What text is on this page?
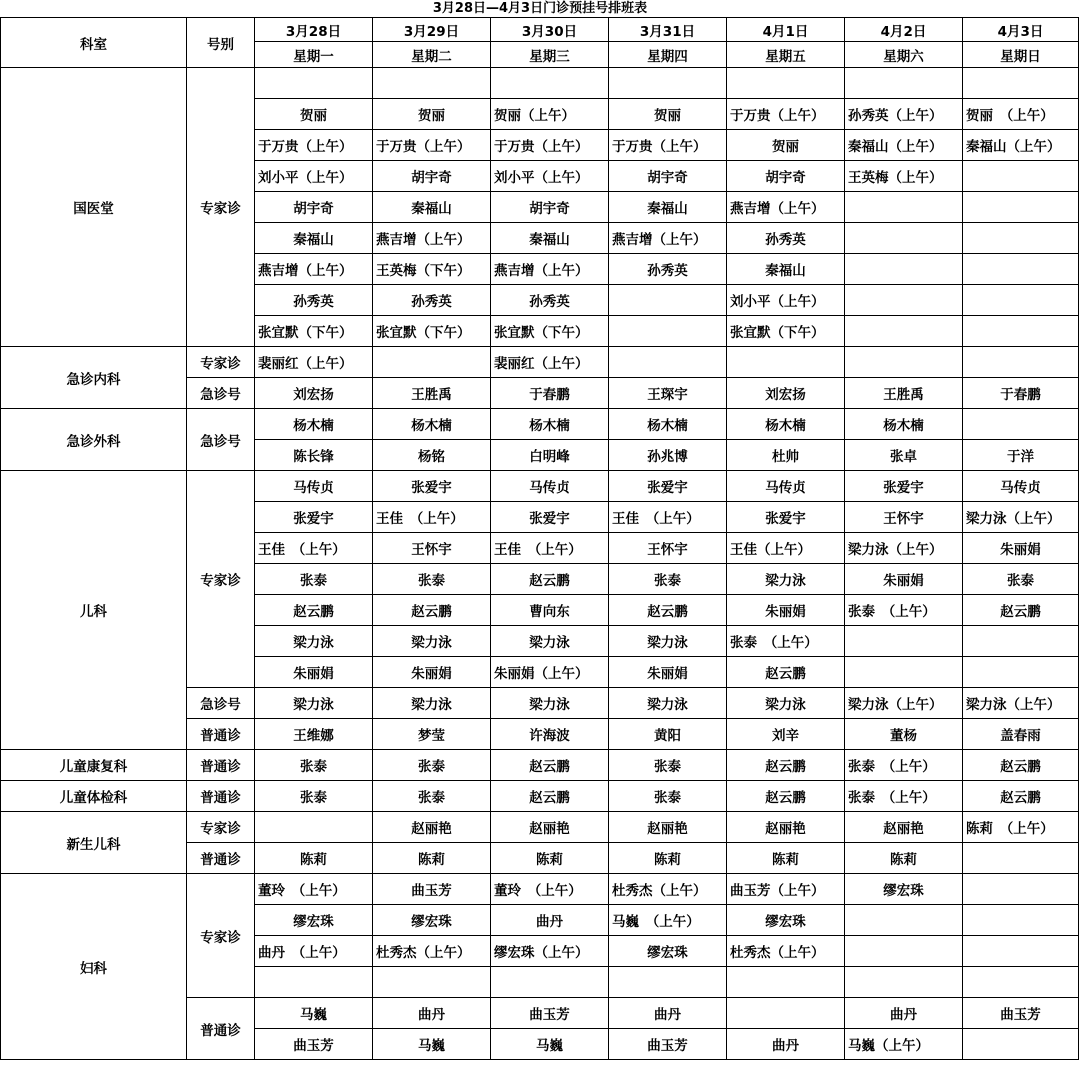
3月28日—4月3日门诊预挂号排班表
科室	号别	3月28日	3月29日	3月30日	3月31日	4月1日	4月2日	4月3日
		星期一	星期二	星期三	星期四	星期五	星期六	星期日
国医堂	专家诊							
		贺丽	贺丽	贺丽（上午）	贺丽	于万贵（上午）	孙秀英（上午）	贺丽　（上午）
		于万贵（上午）	于万贵（上午）	于万贵（上午）	于万贵（上午）	贺丽	秦福山（上午）	秦福山（上午）
		刘小平（上午）	胡宇奇	刘小平（上午）	胡宇奇	胡宇奇	王英梅（上午）	
		胡宇奇	秦福山	胡宇奇	秦福山	燕吉增（上午）		
		秦福山	燕吉增（上午）	秦福山	燕吉增（上午）	孙秀英		
		燕吉增（上午）	王英梅（下午）	燕吉增（上午）	孙秀英	秦福山		
		孙秀英	孙秀英	孙秀英		刘小平（上午）		
		张宜默（下午）	张宜默（下午）	张宜默（下午）		张宜默（下午）		
急诊内科	专家诊	裴丽红（上午）		裴丽红（上午）				
	急诊号	刘宏扬	王胜禹	于春鹏	王琛宇	刘宏扬	王胜禹	于春鹏
急诊外科	急诊号	杨木楠	杨木楠	杨木楠	杨木楠	杨木楠	杨木楠	
		陈长锋	杨铭	白明峰	孙兆博	杜帅	张卓	于洋
儿科	专家诊	马传贞	张爱宇	马传贞	张爱宇	马传贞	张爱宇	马传贞
		张爱宇	王佳　（上午）	张爱宇	王佳　（上午）	张爱宇	王怀宇	梁力泳（上午）
		王佳　（上午）	王怀宇	王佳　（上午）	王怀宇	王佳（上午）	梁力泳（上午）	朱丽娟
		张泰	张泰	赵云鹏	张泰	梁力泳	朱丽娟	张泰
		赵云鹏	赵云鹏	曹向东	赵云鹏	朱丽娟	张泰　（上午）	赵云鹏
		梁力泳	梁力泳	梁力泳	梁力泳	张泰　（上午）		
		朱丽娟	朱丽娟	朱丽娟（上午）	朱丽娟	赵云鹏		
	急诊号	梁力泳	梁力泳	梁力泳	梁力泳	梁力泳	梁力泳（上午）	梁力泳（上午）
	普通诊	王维娜	梦莹	许海波	黄阳	刘辛	董杨	盖春雨
儿童康复科	普通诊	张泰	张泰	赵云鹏	张泰	赵云鹏	张泰　（上午）	赵云鹏
儿童体检科	普通诊	张泰	张泰	赵云鹏	张泰	赵云鹏	张泰　（上午）	赵云鹏
新生儿科	专家诊		赵丽艳	赵丽艳	赵丽艳	赵丽艳	赵丽艳	陈莉　（上午）
	普通诊	陈莉	陈莉	陈莉	陈莉	陈莉	陈莉	
妇科	专家诊	董玲　（上午）	曲玉芳	董玲　（上午）	杜秀杰（上午）	曲玉芳（上午）	缪宏珠	
		缪宏珠	缪宏珠	曲丹	马巍　（上午）	缪宏珠		
		曲丹　（上午）	杜秀杰（上午）	缪宏珠（上午）	缪宏珠	杜秀杰（上午）		

	普通诊	马巍	曲丹	曲玉芳	曲丹		曲丹	曲玉芳
		曲玉芳	马巍	马巍	曲玉芳	曲丹	马巍（上午）	
